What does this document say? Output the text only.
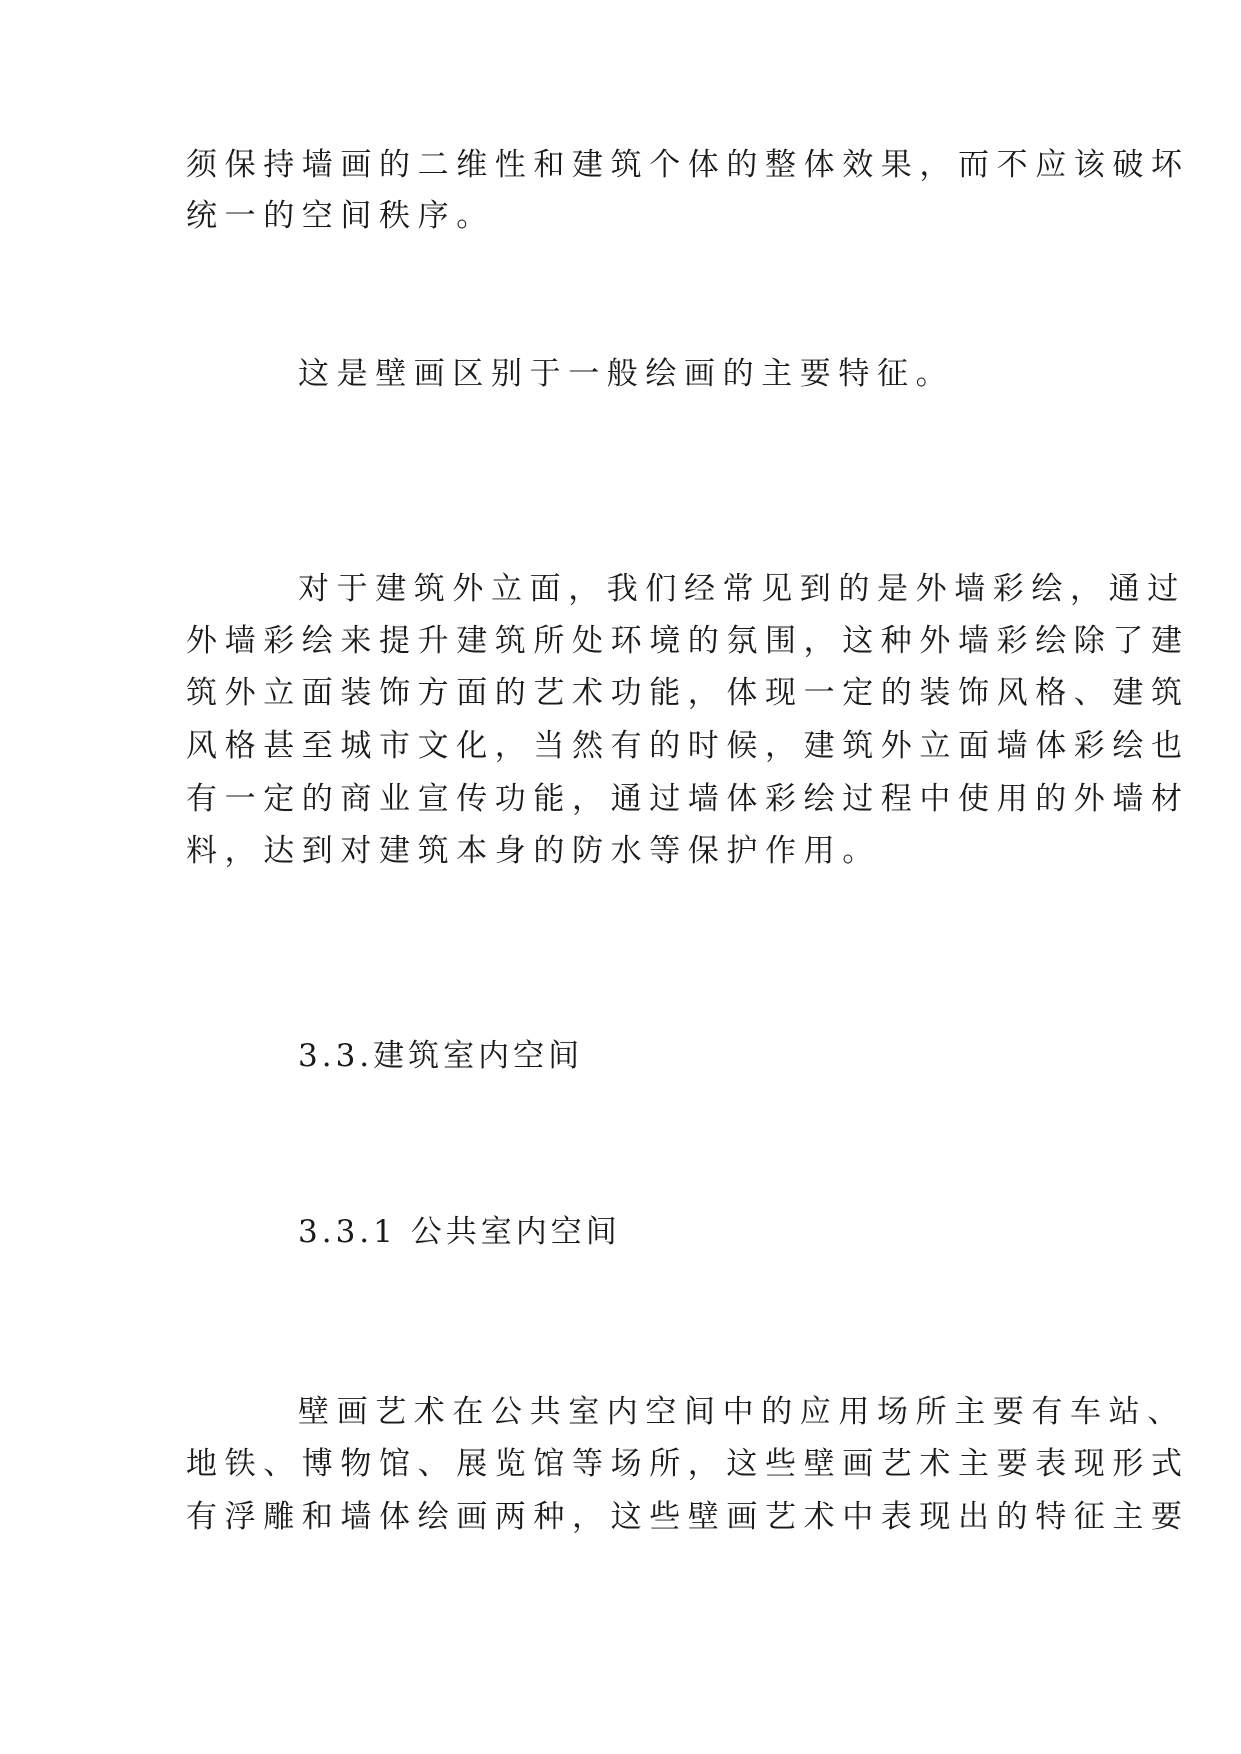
须保持墙画的二维性和建筑个体的整体效果，而不应该破坏
统一的空间秩序。
这是壁画区别于一般绘画的主要特征。
对于建筑外立面，我们经常见到的是外墙彩绘，通过
外墙彩绘来提升建筑所处环境的氛围，这种外墙彩绘除了建
筑外立面装饰方面的艺术功能，体现一定的装饰风格、建筑
风格甚至城市文化，当然有的时候，建筑外立面墙体彩绘也
有一定的商业宣传功能，通过墙体彩绘过程中使用的外墙材
料，达到对建筑本身的防水等保护作用。
3.3.建筑室内空间
3.3.1 公共室内空间
壁画艺术在公共室内空间中的应用场所主要有车站、
地铁、博物馆、展览馆等场所，这些壁画艺术主要表现形式
有浮雕和墙体绘画两种，这些壁画艺术中表现出的特征主要
